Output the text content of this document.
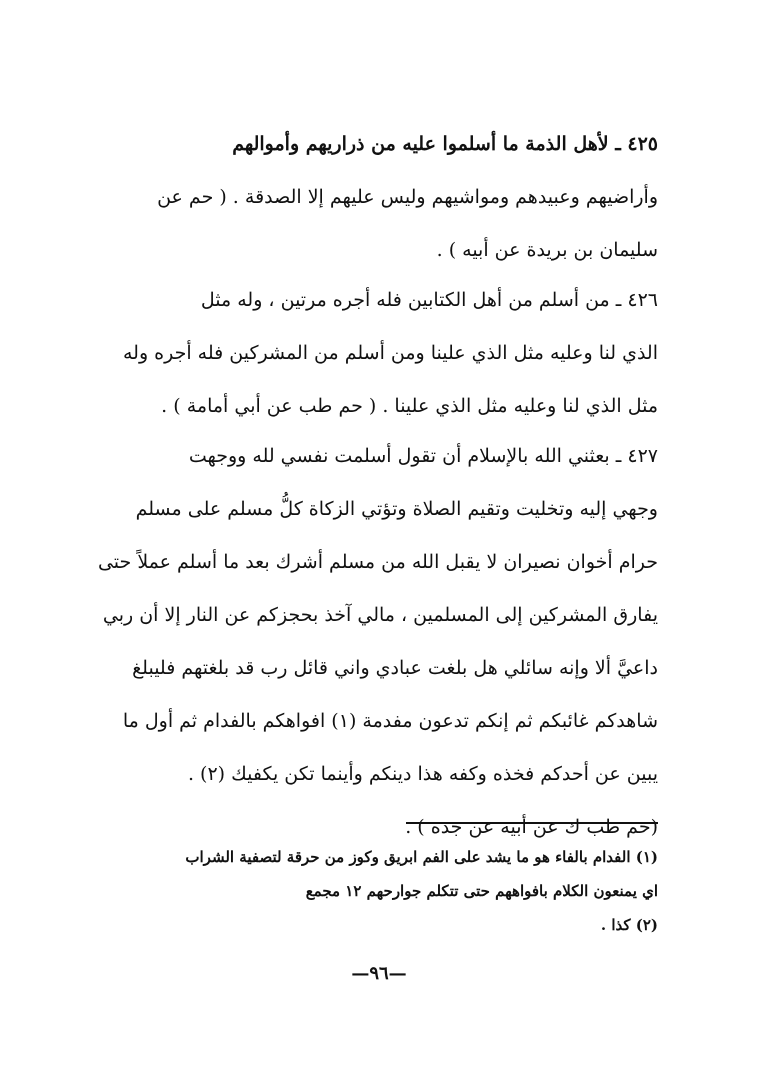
٤٢٥ ـ لأهل الذمة ما أسلموا عليه من ذراريهم وأموالهم
وأراضيهم وعبيدهم ومواشيهم وليس عليهم إلا الصدقة . ( حم عن
سليمان بن بريدة عن أبيه ) .
٤٢٦ ـ من أسلم من أهل الكتابين فله أجره مرتين ، وله مثل
الذي لنا وعليه مثل الذي علينا ومن أسلم من المشركين فله أجره وله
مثل الذي لنا وعليه مثل الذي علينا . ( حم طب عن أبي أمامة ) .
٤٢٧ ـ بعثني الله بالإسلام أن تقول أسلمت نفسي لله ووجهت
وجهي إليه وتخليت وتقيم الصلاة وتؤتي الزكاة كلُّ مسلم على مسلم
حرام أخوان نصيران لا يقبل الله من مسلم أشرك بعد ما أسلم عملاً حتى
يفارق المشركين إلى المسلمين ، مالي آخذ بحجزكم عن النار إلا أن ربي
داعيَّ ألا وإنه سائلي هل بلغت عبادي واني قائل رب قد بلغتهم فليبلغ
شاهدكم غائبكم ثم إنكم تدعون مفدمة (١) افواهكم بالفدام ثم أول ما
يبين عن أحدكم فخذه وكفه هذا دينكم وأينما تكن يكفيك (٢) .
(حم طب ك عن أبيه عن جده ) .
(١) الفدام بالفاء هو ما يشد على الفم ابريق وكوز من حرقة لتصفية الشراب
اي يمنعون الكلام بافواههم حتى تتكلم جوارحهم ١٢ مجمع
(٢) كذا .
—٩٦—
